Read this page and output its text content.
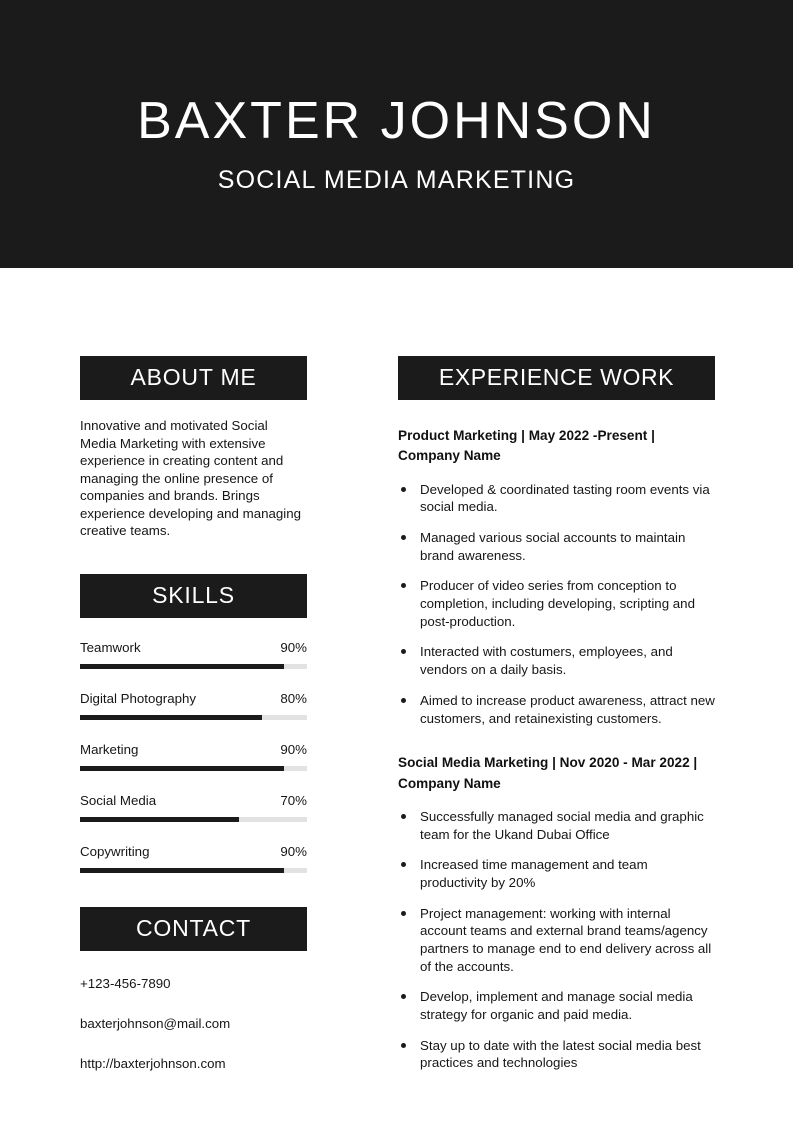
BAXTER JOHNSON
SOCIAL MEDIA MARKETING
ABOUT ME
Innovative and motivated Social Media Marketing with extensive experience in creating content and managing the online presence of companies and brands. Brings experience developing and managing creative teams.
SKILLS
Teamwork	90%
Digital Photography	80%
Marketing	90%
Social Media	70%
Copywriting	90%
CONTACT
+123-456-7890
baxterjohnson@mail.com
http://baxterjohnson.com
EXPERIENCE WORK
Product Marketing | May 2022 -Present | Company Name
Developed & coordinated tasting room events via social media.
Managed various social accounts to maintain brand awareness.
Producer of video series from conception to completion, including developing, scripting and post-production.
Interacted with costumers, employees, and vendors on a daily basis.
Aimed to increase product awareness, attract new customers, and retainexisting customers.
Social Media Marketing | Nov 2020 - Mar 2022 | Company Name
Successfully managed social media and graphic team for the Ukand Dubai Office
Increased time management and team productivity by 20%
Project management: working with internal account teams and external brand teams/agency partners to manage end to end delivery across all of the accounts.
Develop, implement and manage social media strategy for organic and paid media.
Stay up to date with the latest social media best practices and technologies
